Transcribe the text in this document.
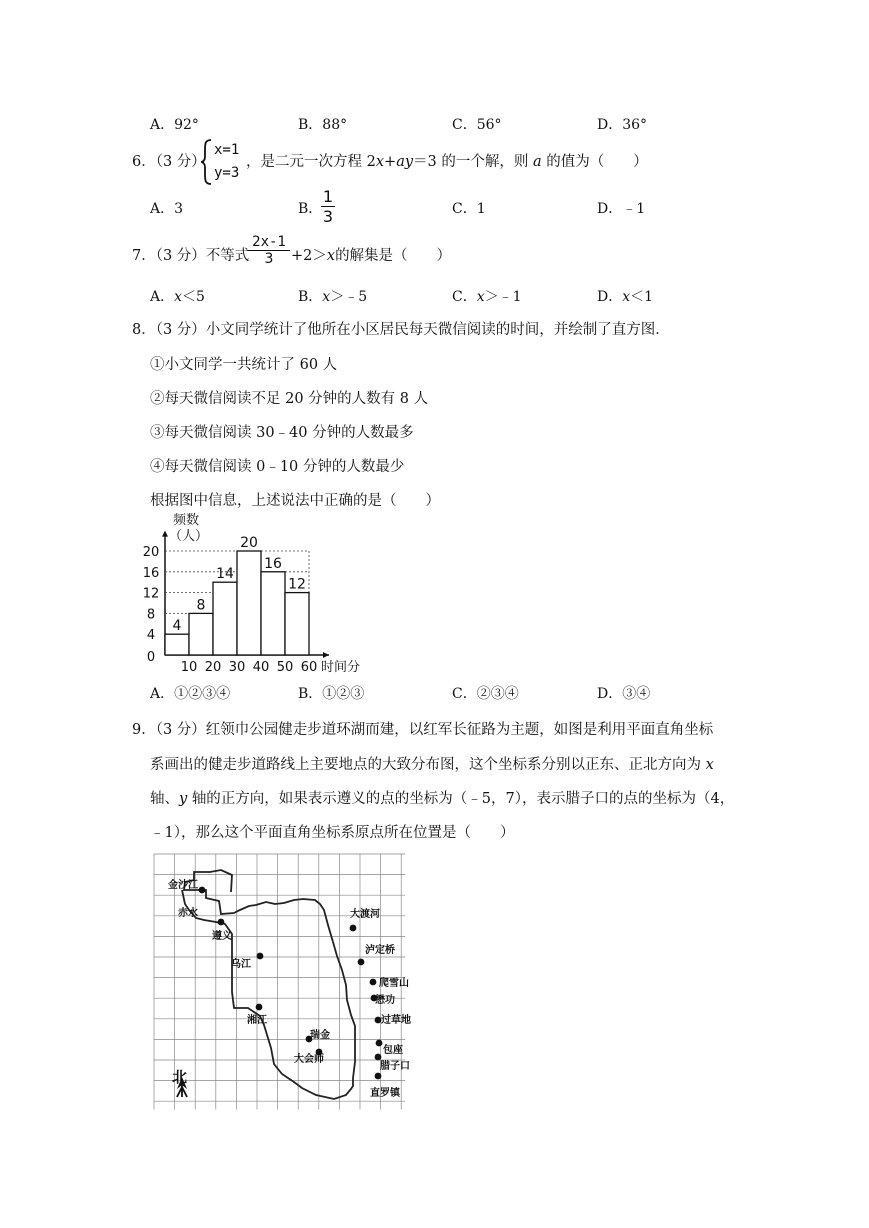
A．92°	B．88°	C．56°	D．36°
6．（3 分）
x=1
y=3
，是二元一次方程 2x+ay＝3 的一个解，则 a 的值为（　　）
A．3	B．
1
3	C．1	D．﹣1
7．（3 分）不等式
2x-1
3	+2＞x的解集是（　　）
A．x＜5	B．x＞﹣5	C．x＞﹣1	D．x＜1
8．（3 分）小文同学统计了他所在小区居民每天微信阅读的时间，并绘制了直方图．
①小文同学一共统计了 60 人
②每天微信阅读不足 20 分钟的人数有 8 人
③每天微信阅读 30﹣40 分钟的人数最多
④每天微信阅读 0﹣10 分钟的人数最少
根据图中信息，上述说法中正确的是（　　）
频数
（人）
时间分
0
4
8
12
16
20
10 20 30 40 50 60
4
8
14
20
16
12
A．①②③④	B．①②③	C．②③④	D．③④
9．（3 分）红领巾公园健走步道环湖而建，以红军长征路为主题，如图是利用平面直角坐标
系画出的健走步道路线上主要地点的大致分布图，这个坐标系分别以正东、正北方向为 x
轴、y 轴的正方向，如果表示遵义的点的坐标为（﹣5，7），表示腊子口的点的坐标为（4，
﹣1），那么这个平面直角坐标系原点所在位置是（　　）
金沙江
赤水
遵义
乌江
湘江
瑞金
大会师
大渡河
泸定桥
爬雪山
懋功
过草地
包座
腊子口
直罗镇
北
